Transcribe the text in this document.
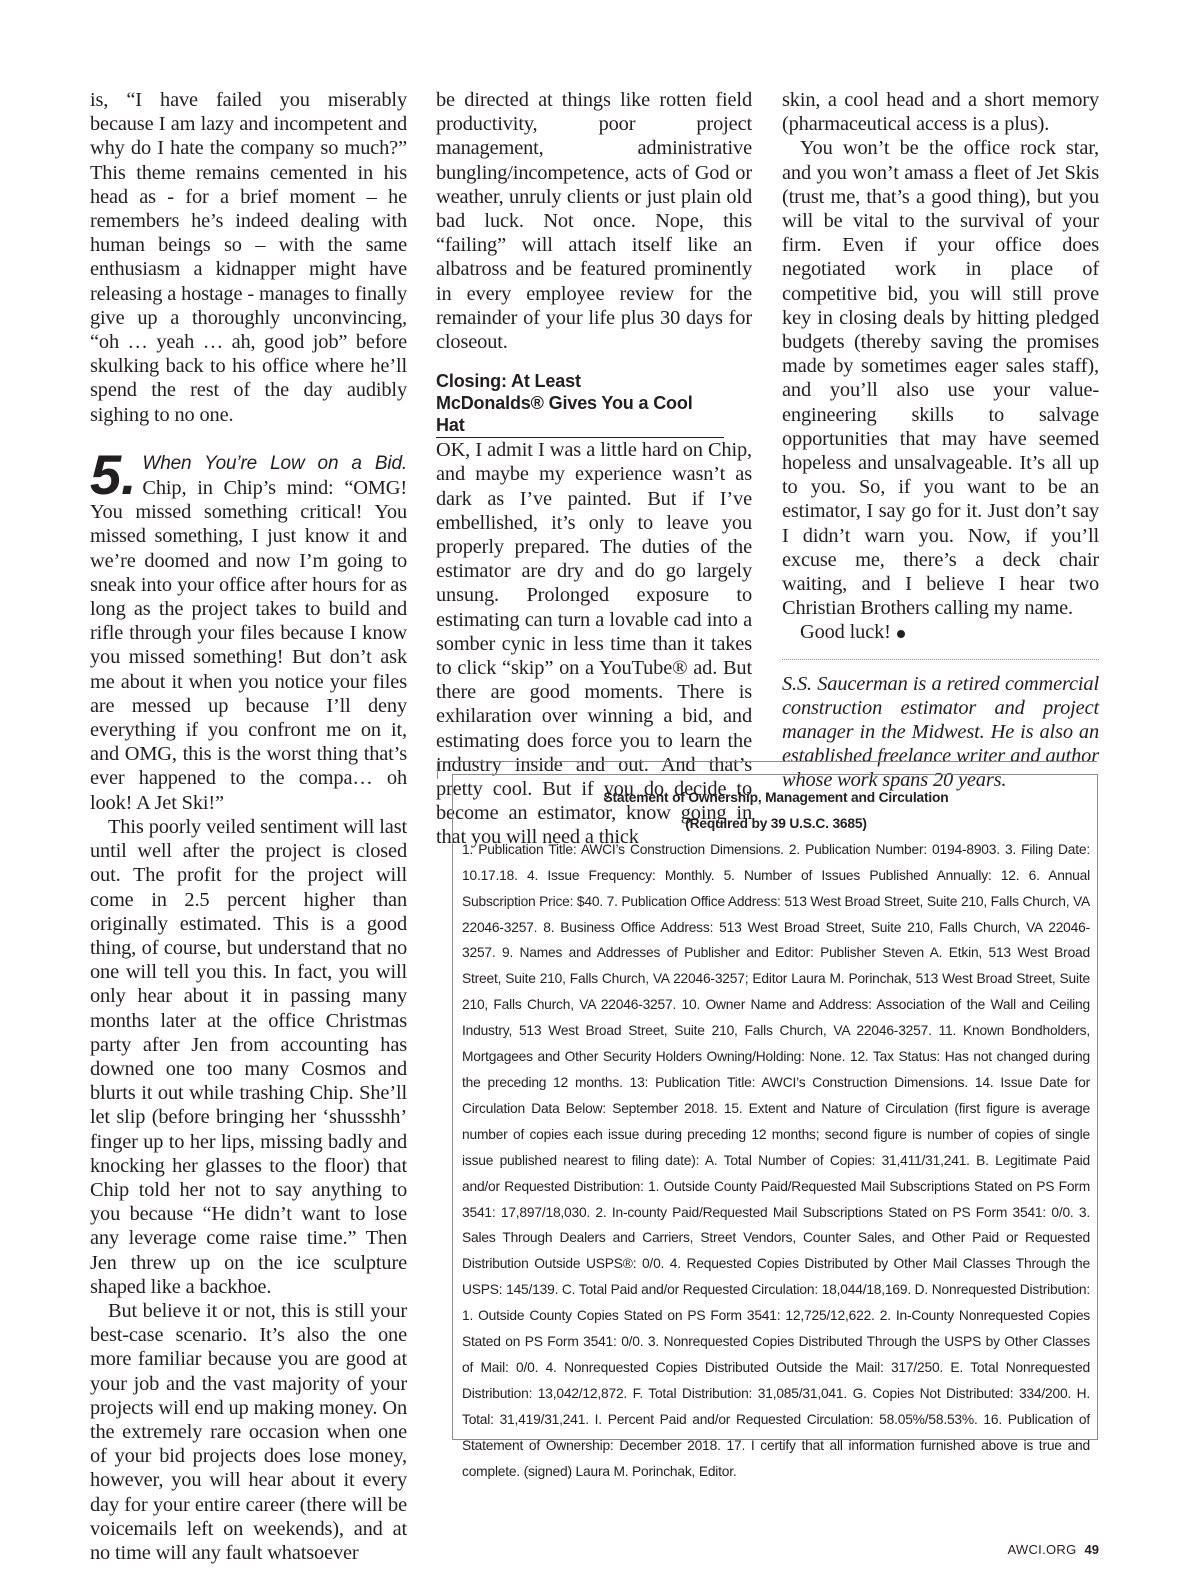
is, “I have failed you miserably because I am lazy and incompetent and why do I hate the company so much?” This theme remains cemented in his head as - for a brief moment – he remembers he’s indeed dealing with human beings so – with the same enthusiasm a kidnapper might have releasing a hostage - manages to finally give up a thoroughly unconvincing, “oh … yeah … ah, good job” before skulking back to his office where he’ll spend the rest of the day audibly sighing to no one.

5. When You’re Low on a Bid. Chip, in Chip’s mind: “OMG! You missed something critical! You missed something, I just know it and we’re doomed and now I’m going to sneak into your office after hours for as long as the project takes to build and rifle through your files because I know you missed something! But don’t ask me about it when you notice your files are messed up because I’ll deny everything if you confront me on it, and OMG, this is the worst thing that’s ever happened to the compa… oh look! A Jet Ski!”

This poorly veiled sentiment will last until well after the project is closed out. The profit for the project will come in 2.5 percent higher than originally estimated. This is a good thing, of course, but understand that no one will tell you this. In fact, you will only hear about it in passing many months later at the office Christmas party after Jen from accounting has downed one too many Cosmos and blurts it out while trashing Chip. She’ll let slip (before bringing her ‘shussshh’ finger up to her lips, missing badly and knocking her glasses to the floor) that Chip told her not to say anything to you because “He didn’t want to lose any leverage come raise time.” Then Jen threw up on the ice sculpture shaped like a backhoe.

But believe it or not, this is still your best-case scenario. It’s also the one more familiar because you are good at your job and the vast majority of your projects will end up making money. On the extremely rare occasion when one of your bid projects does lose money, however, you will hear about it every day for your entire career (there will be voicemails left on weekends), and at no time will any fault whatsoever

be directed at things like rotten field productivity, poor project management, administrative bungling/incompetence, acts of God or weather, unruly clients or just plain old bad luck. Not once. Nope, this “failing” will attach itself like an albatross and be featured prominently in every employee review for the remainder of your life plus 30 days for closeout.

Closing: At Least
McDonalds® Gives You a Cool Hat

OK, I admit I was a little hard on Chip, and maybe my experience wasn’t as dark as I’ve painted. But if I’ve embellished, it’s only to leave you properly prepared. The duties of the estimator are dry and do go largely unsung. Prolonged exposure to estimating can turn a lovable cad into a somber cynic in less time than it takes to click “skip” on a YouTube® ad. But there are good moments. There is exhilaration over winning a bid, and estimating does force you to learn the industry inside and out. And that’s pretty cool. But if you do decide to become an estimator, know going in that you will need a thick

skin, a cool head and a short memory (pharmaceutical access is a plus).

You won’t be the office rock star, and you won’t amass a fleet of Jet Skis (trust me, that’s a good thing), but you will be vital to the survival of your firm. Even if your office does negotiated work in place of competitive bid, you will still prove key in closing deals by hitting pledged budgets (thereby saving the promises made by sometimes eager sales staff), and you’ll also use your value-engineering skills to salvage opportunities that may have seemed hopeless and unsalvageable. It’s all up to you. So, if you want to be an estimator, I say go for it. Just don’t say I didn’t warn you. Now, if you’ll excuse me, there’s a deck chair waiting, and I believe I hear two Christian Brothers calling my name.

Good luck!

S.S. Saucerman is a retired commercial construction estimator and project manager in the Midwest. He is also an established freelance writer and author whose work spans 20 years.

Statement of Ownership, Management and Circulation

(Required by 39 U.S.C. 3685)

1. Publication Title: AWCI’s Construction Dimensions. 2. Publication Number: 0194-8903. 3. Filing Date: 10.17.18. 4. Issue Frequency: Monthly. 5. Number of Issues Published Annually: 12. 6. Annual Subscription Price: $40. 7. Publication Office Address: 513 West Broad Street, Suite 210, Falls Church, VA 22046-3257. 8. Business Office Address: 513 West Broad Street, Suite 210, Falls Church, VA 22046-3257. 9. Names and Addresses of Publisher and Editor: Publisher Steven A. Etkin, 513 West Broad Street, Suite 210, Falls Church, VA 22046-3257; Editor Laura M. Porinchak, 513 West Broad Street, Suite 210, Falls Church, VA 22046-3257. 10. Owner Name and Address: Association of the Wall and Ceiling Industry, 513 West Broad Street, Suite 210, Falls Church, VA 22046-3257. 11. Known Bondholders, Mortgagees and Other Security Holders Owning/Holding: None. 12. Tax Status: Has not changed during the preceding 12 months. 13: Publication Title: AWCI’s Construction Dimensions. 14. Issue Date for Circulation Data Below: September 2018. 15. Extent and Nature of Circulation (first figure is average number of copies each issue during preceding 12 months; second figure is number of copies of single issue published nearest to filing date): A. Total Number of Copies: 31,411/31,241. B. Legitimate Paid and/or Requested Distribution: 1. Outside County Paid/Requested Mail Subscriptions Stated on PS Form 3541: 17,897/18,030. 2. In-county Paid/Requested Mail Subscriptions Stated on PS Form 3541: 0/0. 3. Sales Through Dealers and Carriers, Street Vendors, Counter Sales, and Other Paid or Requested Distribution Outside USPS®: 0/0. 4. Requested Copies Distributed by Other Mail Classes Through the USPS: 145/139. C. Total Paid and/or Requested Circulation: 18,044/18,169. D. Nonrequested Distribution: 1. Outside County Copies Stated on PS Form 3541: 12,725/12,622. 2. In-County Nonrequested Copies Stated on PS Form 3541: 0/0. 3. Nonrequested Copies Distributed Through the USPS by Other Classes of Mail: 0/0. 4. Nonrequested Copies Distributed Outside the Mail: 317/250. E. Total Nonrequested Distribution: 13,042/12,872. F. Total Distribution: 31,085/31,041. G. Copies Not Distributed: 334/200. H. Total: 31,419/31,241. I. Percent Paid and/or Requested Circulation: 58.05%/58.53%. 16. Publication of Statement of Ownership: December 2018. 17. I certify that all information furnished above is true and complete. (signed) Laura M. Porinchak, Editor.

AWCI.ORG 49
